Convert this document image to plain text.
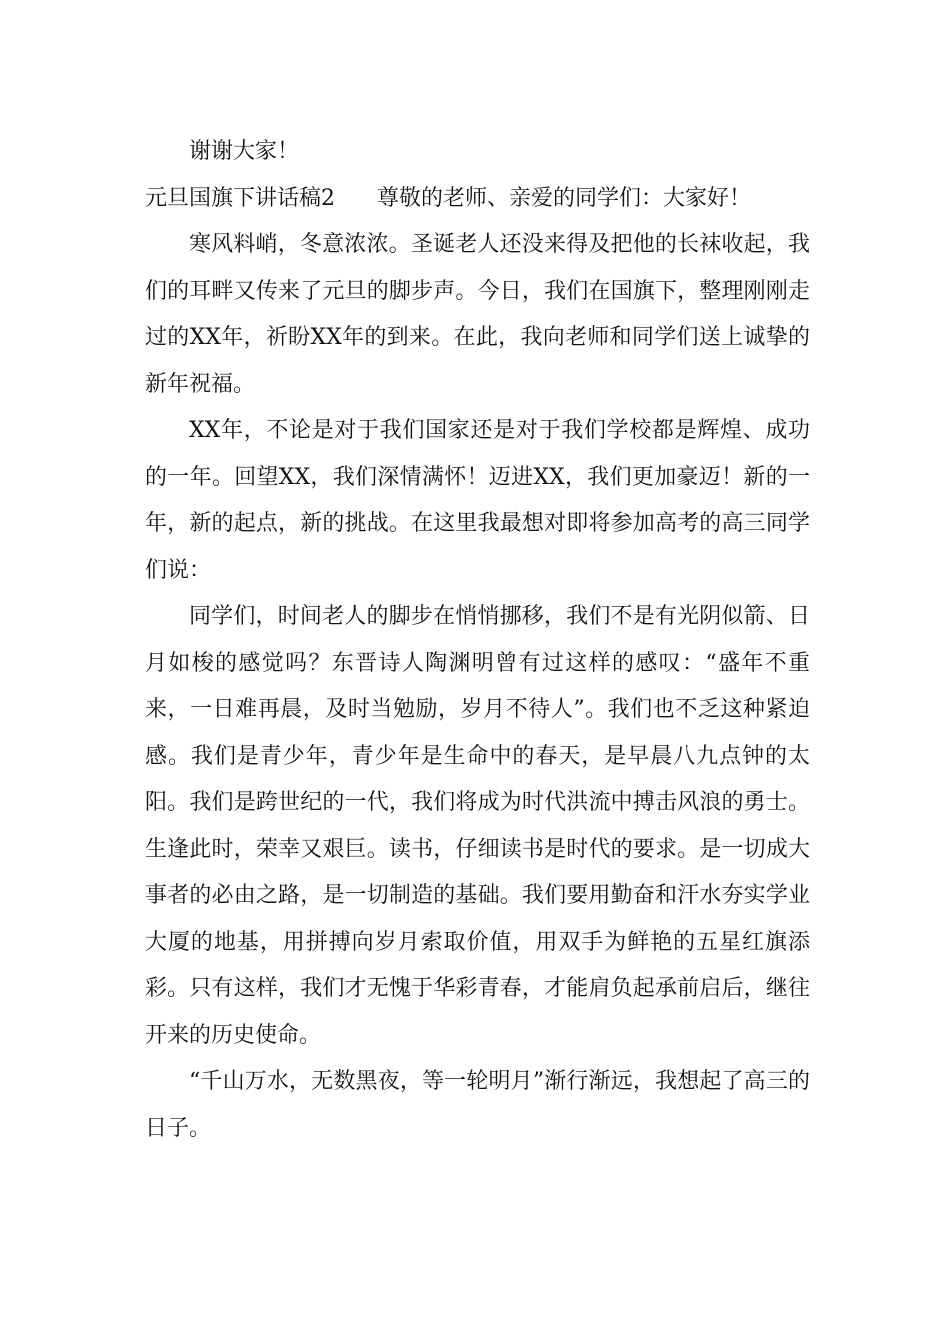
谢谢大家！

元旦国旗下讲话稿2 尊敬的老师、亲爱的同学们：大家好！

寒风料峭，冬意浓浓。圣诞老人还没来得及把他的长袜收起，我们的耳畔又传来了元旦的脚步声。今日，我们在国旗下，整理刚刚走过的XX年，祈盼XX年的到来。在此，我向老师和同学们送上诚挚的新年祝福。

XX年，不论是对于我们国家还是对于我们学校都是辉煌、成功的一年。回望XX，我们深情满怀！迈进XX，我们更加豪迈！新的一年，新的起点，新的挑战。在这里我最想对即将参加高考的高三同学们说：

同学们，时间老人的脚步在悄悄挪移，我们不是有光阴似箭、日月如梭的感觉吗？东晋诗人陶渊明曾有过这样的感叹：“盛年不重来，一日难再晨，及时当勉励，岁月不待人”。我们也不乏这种紧迫感。我们是青少年，青少年是生命中的春天，是早晨八九点钟的太阳。我们是跨世纪的一代，我们将成为时代洪流中搏击风浪的勇士。生逢此时，荣幸又艰巨。读书，仔细读书是时代的要求。是一切成大事者的必由之路，是一切制造的基础。我们要用勤奋和汗水夯实学业大厦的地基，用拼搏向岁月索取价值，用双手为鲜艳的五星红旗添彩。只有这样，我们才无愧于华彩青春，才能肩负起承前启后，继往开来的历史使命。

“千山万水，无数黑夜，等一轮明月”渐行渐远，我想起了高三的日子。
